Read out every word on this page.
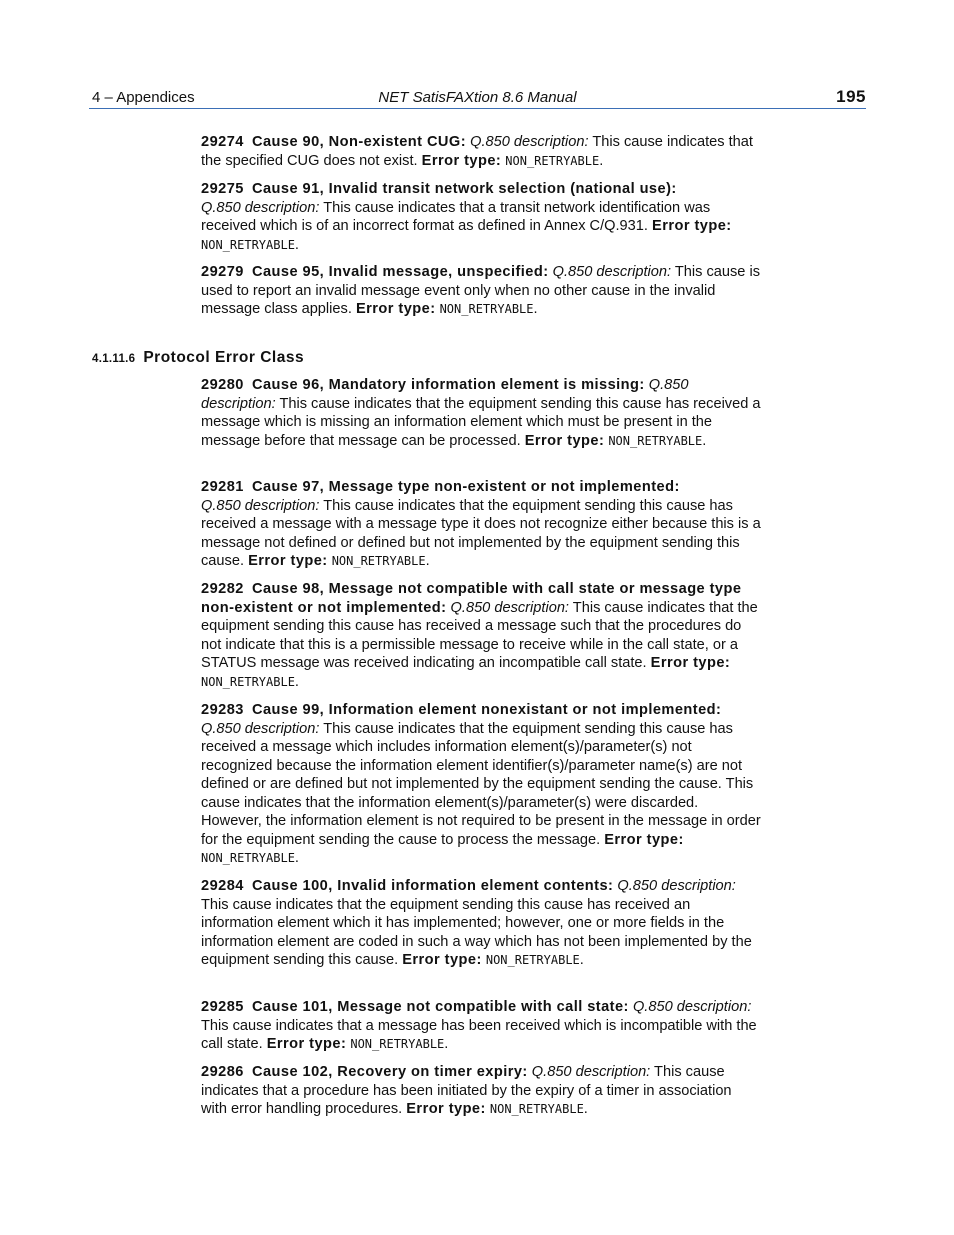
4 – Appendices	NET SatisFAXtion 8.6 Manual	195
29274 Cause 90, Non-existent CUG: Q.850 description: This cause indicates that the specified CUG does not exist. Error type: NON_RETRYABLE.
29275 Cause 91, Invalid transit network selection (national use):
Q.850 description: This cause indicates that a transit network identification was received which is of an incorrect format as defined in Annex C/Q.931. Error type: NON_RETRYABLE.
29279 Cause 95, Invalid message, unspecified: Q.850 description: This cause is used to report an invalid message event only when no other cause in the invalid message class applies. Error type: NON_RETRYABLE.
4.1.11.6 Protocol Error Class
29280 Cause 96, Mandatory information element is missing: Q.850 description: This cause indicates that the equipment sending this cause has received a message which is missing an information element which must be present in the message before that message can be processed. Error type: NON_RETRYABLE.
29281 Cause 97, Message type non-existent or not implemented:
Q.850 description: This cause indicates that the equipment sending this cause has received a message with a message type it does not recognize either because this is a message not defined or defined but not implemented by the equipment sending this cause. Error type: NON_RETRYABLE.
29282 Cause 98, Message not compatible with call state or message type non-existent or not implemented: Q.850 description: This cause indicates that the equipment sending this cause has received a message such that the procedures do not indicate that this is a permissible message to receive while in the call state, or a STATUS message was received indicating an incompatible call state. Error type: NON_RETRYABLE.
29283 Cause 99, Information element nonexistant or not implemented: Q.850 description: This cause indicates that the equipment sending this cause has received a message which includes information element(s)/parameter(s) not recognized because the information element identifier(s)/parameter name(s) are not defined or are defined but not implemented by the equipment sending the cause. This cause indicates that the information element(s)/parameter(s) were discarded. However, the information element is not required to be present in the message in order for the equipment sending the cause to process the message. Error type: NON_RETRYABLE.
29284 Cause 100, Invalid information element contents: Q.850 description: This cause indicates that the equipment sending this cause has received an information element which it has implemented; however, one or more fields in the information element are coded in such a way which has not been implemented by the equipment sending this cause. Error type: NON_RETRYABLE.
29285 Cause 101, Message not compatible with call state: Q.850 description: This cause indicates that a message has been received which is incompatible with the call state. Error type: NON_RETRYABLE.
29286 Cause 102, Recovery on timer expiry: Q.850 description: This cause indicates that a procedure has been initiated by the expiry of a timer in association with error handling procedures. Error type: NON_RETRYABLE.
